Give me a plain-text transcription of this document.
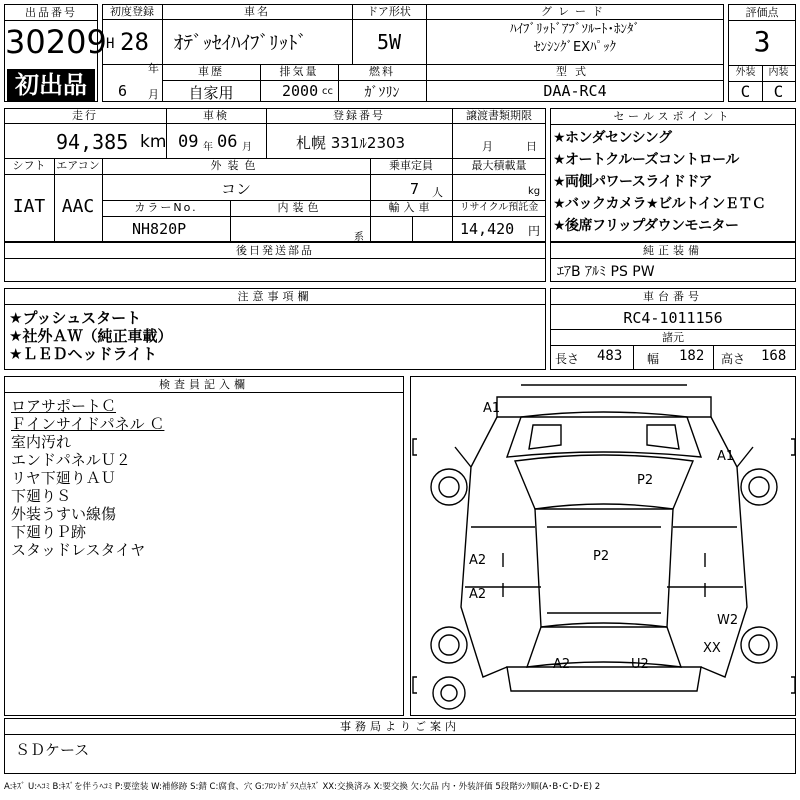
出品番号
30209
初出品
初度登録
H 28
年
6 月
車名
ｵﾃﾞｯｾｲﾊｲﾌﾞﾘｯﾄﾞ
ドア形状
5W
グレード
ﾊｲﾌﾞﾘｯﾄﾞｱﾌﾞｿﾙｰﾄ･ﾎﾝﾀﾞ
ｾﾝｼﾝｸﾞEXﾊﾟｯｸ
車歴
自家用
排気量
2000 cc
燃料
ｶﾞｿﾘﾝ
型式
DAA-RC4
評価点
3
外装	内装
C	C
走行
94,385 km
車検
09 年 06 月
登録番号
札幌 331ﾙ2303
譲渡書類期限
月	日
シフト
IAT
エアコン
AAC
外装色
コン
乗車定員
7 人
最大積載量
kg
カラーNo.
NH820P
内装色
系
輸入車	リサイクル預託金
14,420 円
後日発送部品
セールスポイント
★ホンダセンシング
★オートクルーズコントロール
★両側パワースライドドア
★バックカメラ★ビルトインＥＴＣ
★後席フリップダウンモニター
純正装備
ｴｱB ｱﾙﾐ PS PW
注意事項欄
★プッシュスタート
★社外ＡＷ（純正車載）
★ＬＥＤヘッドライト
車台番号
RC4-1011156
諸元
長さ 483 幅 182 高さ 168
検査員記入欄
ロアサポートＣ
Ｆインサイドパネル Ｃ
室内汚れ
エンドパネルＵ２
リヤ下廻りＡＵ
下廻りＳ
外装うすい線傷
下廻りＰ跡
スタッドレスタイヤ
A1
A1
P2
P2
A2
A2
W2
XX
A2	U2
事務局よりご案内
ＳＤケース
A:ｷｽﾞ U:ﾍｺﾐ B:ｷｽﾞを伴うﾍｺﾐ P:要塗装 W:補修跡 S:錆 C:腐食、穴 G:ﾌﾛﾝﾄｶﾞﾗｽ点ｷｽﾞ XX:交換済み X:要交換 欠:欠品 内・外装評価 5段階ﾗﾝｸ順(A･B･C･D･E) 2
